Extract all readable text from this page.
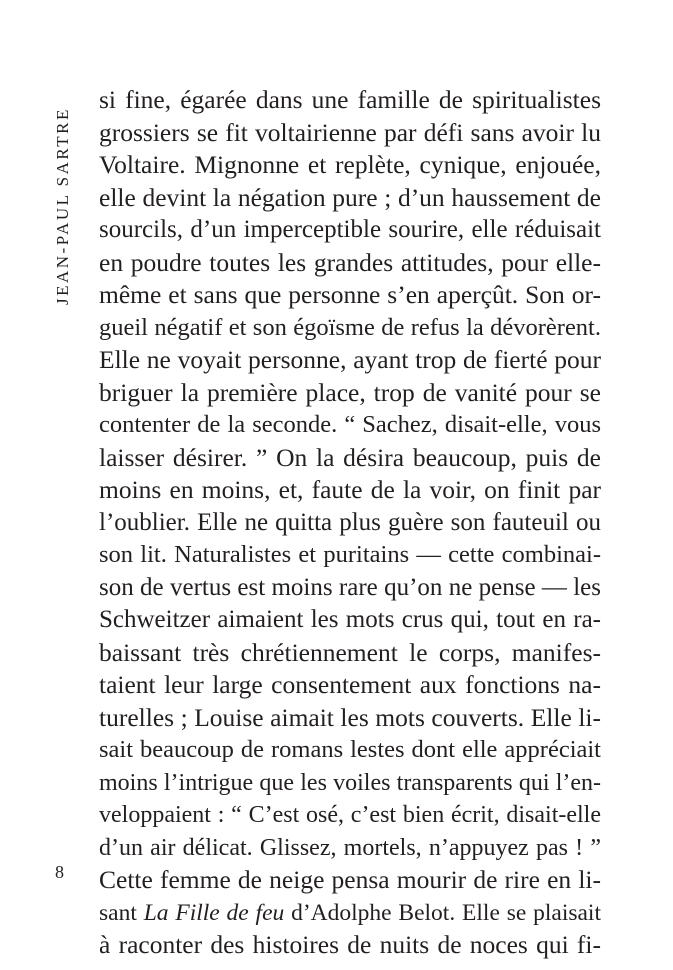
JEAN-PAUL SARTRE
si fine, égarée dans une famille de spiritualistes
grossiers se fit voltairienne par défi sans avoir lu
Voltaire. Mignonne et replète, cynique, enjouée,
elle devint la négation pure ; d’un haussement de
sourcils, d’un imperceptible sourire, elle réduisait
en poudre toutes les grandes attitudes, pour elle-
même et sans que personne s’en aperçût. Son or-
gueil négatif et son égoïsme de refus la dévorèrent.
Elle ne voyait personne, ayant trop de fierté pour
briguer la première place, trop de vanité pour se
contenter de la seconde. “ Sachez, disait-elle, vous
laisser désirer. ” On la désira beaucoup, puis de
moins en moins, et, faute de la voir, on finit par
l’oublier. Elle ne quitta plus guère son fauteuil ou
son lit. Naturalistes et puritains — cette combinai-
son de vertus est moins rare qu’on ne pense — les
Schweitzer aimaient les mots crus qui, tout en ra-
baissant très chrétiennement le corps, manifes-
taient leur large consentement aux fonctions na-
turelles ; Louise aimait les mots couverts. Elle li-
sait beaucoup de romans lestes dont elle appréciait
moins l’intrigue que les voiles transparents qui l’en-
veloppaient : “ C’est osé, c’est bien écrit, disait-elle
d’un air délicat. Glissez, mortels, n’appuyez pas ! ”
Cette femme de neige pensa mourir de rire en li-
sant La Fille de feu d’Adolphe Belot. Elle se plaisait
à raconter des histoires de nuits de noces qui fi-
8
